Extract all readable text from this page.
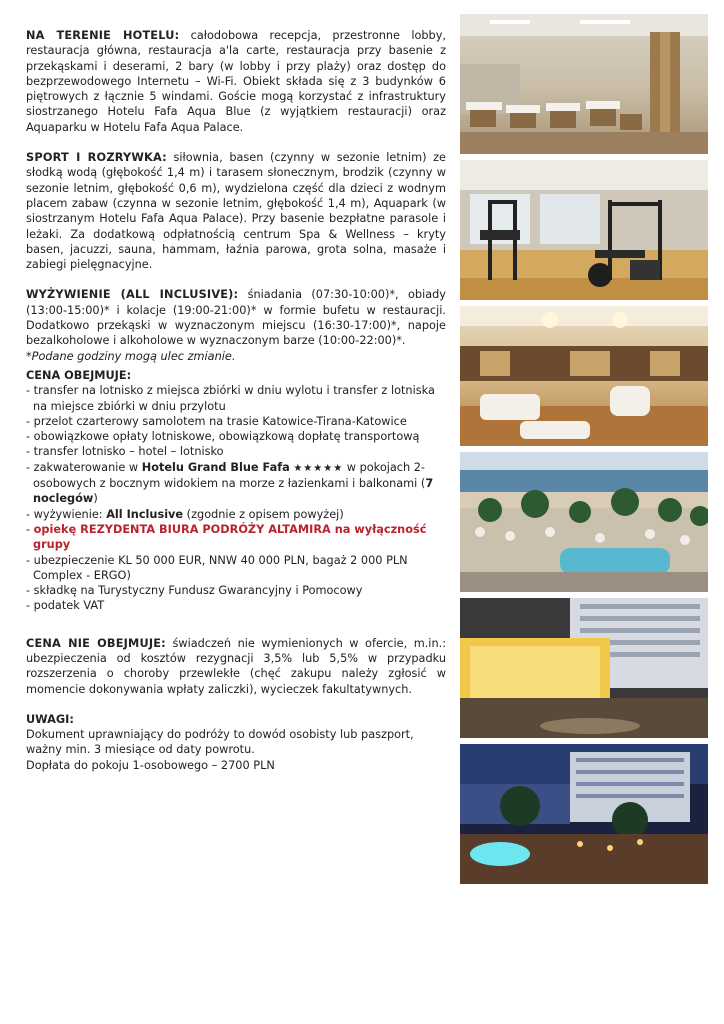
NA TERENIE HOTELU: całodobowa recepcja, przestronne lobby, restauracja główna, restauracja a'la carte, restauracja przy basenie z przekąskami i deserami, 2 bary (w lobby i przy plaży) oraz dostęp do bezprzewodowego Internetu – Wi-Fi. Obiekt składa się z 3 budynków 6 piętrowych z łącznie 5 windami. Goście mogą korzystać z infrastruktury siostrzanego Hotelu Fafa Aqua Blue (z wyjątkiem restauracji) oraz Aquaparku w Hotelu Fafa Aqua Palace.

SPORT I ROZRYWKA: siłownia, basen (czynny w sezonie letnim) ze słodką wodą (głębokość 1,4 m) i tarasem słonecznym, brodzik (czynny w sezonie letnim, głębokość 0,6 m), wydzielona część dla dzieci z wodnym placem zabaw (czynna w sezonie letnim, głębokość 1,4 m), Aquapark (w siostrzanym Hotelu Fafa Aqua Palace). Przy basenie bezpłatne parasole i leżaki. Za dodatkową odpłatnością centrum Spa & Wellness – kryty basen, jacuzzi, sauna, hammam, łaźnia parowa, grota solna, masaże i zabiegi pielęgnacyjne.

WYŻYWIENIE (ALL INCLUSIVE): śniadania (07:30-10:00)*, obiady (13:00-15:00)* i kolacje (19:00-21:00)* w formie bufetu w restauracji. Dodatkowo przekąski w wyznaczonym miejscu (16:30-17:00)*, napoje bezalkoholowe i alkoholowe w wyznaczonym barze (10:00-22:00)*.

*Podane godziny mogą ulec zmianie.

CENA OBEJMUJE:

- transfer na lotnisko z miejsca zbiórki w dniu wylotu i transfer z lotniska na miejsce zbiórki w dniu przylotu
- przelot czarterowy samolotem na trasie Katowice-Tirana-Katowice
- obowiązkowe opłaty lotniskowe, obowiązkową dopłatę transportową
- transfer lotnisko – hotel – lotnisko
- zakwaterowanie w Hotelu Grand Blue Fafa ★★★★★ w pokojach 2-osobowych z bocznym widokiem na morze z łazienkami i balkonami (7 noclegów)
- wyżywienie: All Inclusive (zgodnie z opisem powyżej)
- opiekę REZYDENTA BIURA PODRÓŻY ALTAMIRA na wyłączność grupy
- ubezpieczenie KL 50 000 EUR, NNW 40 000 PLN, bagaż 2 000 PLN Complex - ERGO)
- składkę na Turystyczny Fundusz Gwarancyjny i Pomocowy
- podatek VAT

CENA NIE OBEJMUJE: świadczeń nie wymienionych w ofercie, m.in.: ubezpieczenia od kosztów rezygnacji 3,5% lub 5,5% w przypadku rozszerzenia o choroby przewlekłe (chęć zakupu należy zgłosić w momencie dokonywania wpłaty zaliczki), wycieczek fakultatywnych.

UWAGI:

Dokument uprawniający do podróży to dowód osobisty lub paszport, ważny min. 3 miesiące od daty powrotu.

Dopłata do pokoju 1-osobowego – 2700 PLN
